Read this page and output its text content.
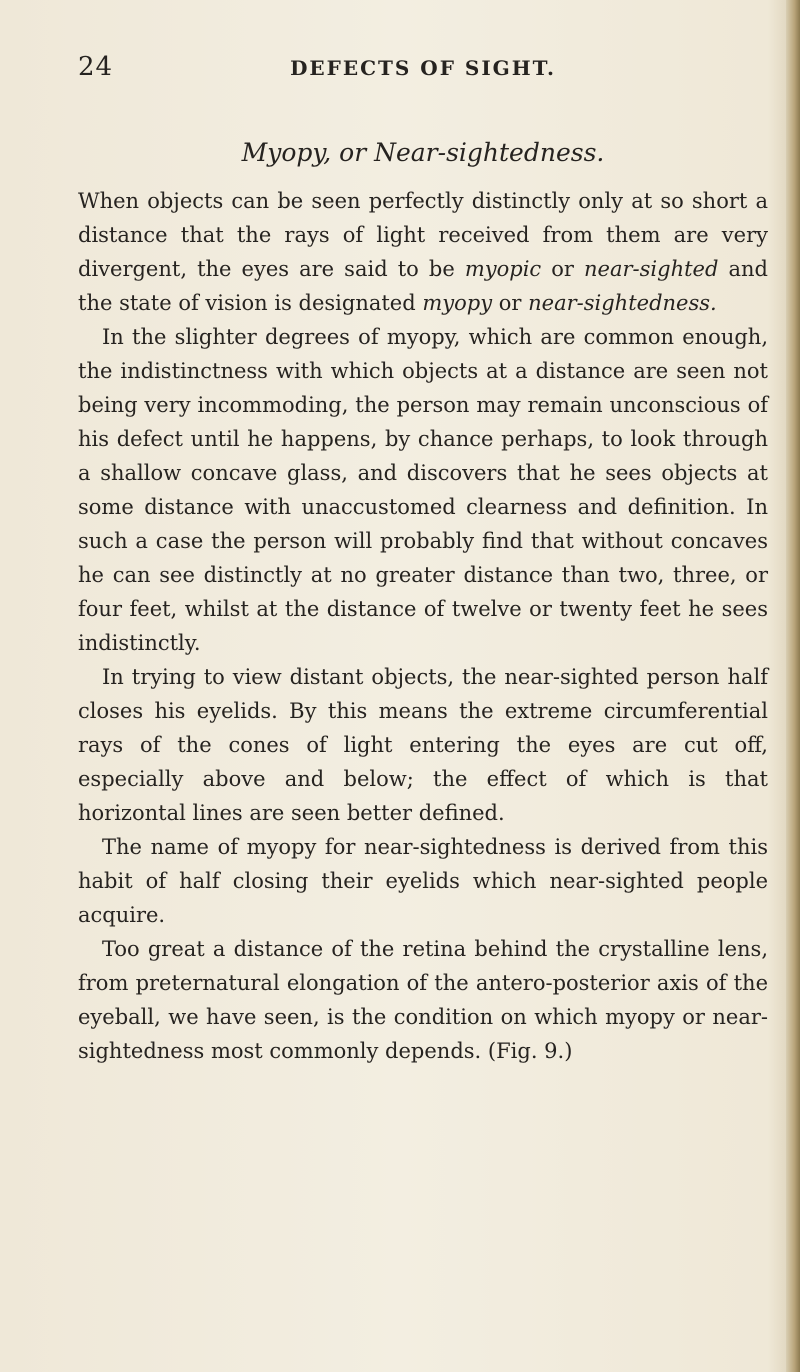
24	DEFECTS OF SIGHT.
Myopy, or Near-sightedness.

When objects can be seen perfectly distinctly only at so short a distance that the rays of light received from them are very divergent, the eyes are said to be myopic or near-sighted and the state of vision is designated myopy or near-sightedness.

In the slighter degrees of myopy, which are common enough, the indistinctness with which objects at a distance are seen not being very incommoding, the person may remain unconscious of his defect until he happens, by chance perhaps, to look through a shallow concave glass, and discovers that he sees objects at some distance with unaccustomed clearness and definition. In such a case the person will probably find that without concaves he can see distinctly at no greater distance than two, three, or four feet, whilst at the distance of twelve or twenty feet he sees indistinctly.

In trying to view distant objects, the near-sighted person half closes his eyelids. By this means the extreme circumferential rays of the cones of light entering the eyes are cut off, especially above and below; the effect of which is that horizontal lines are seen better defined.

The name of myopy for near-sightedness is derived from this habit of half closing their eyelids which near-sighted people acquire.

Too great a distance of the retina behind the crystalline lens, from preternatural elongation of the antero-posterior axis of the eyeball, we have seen, is the condition on which myopy or near-sightedness most commonly depends. (Fig. 9.)
